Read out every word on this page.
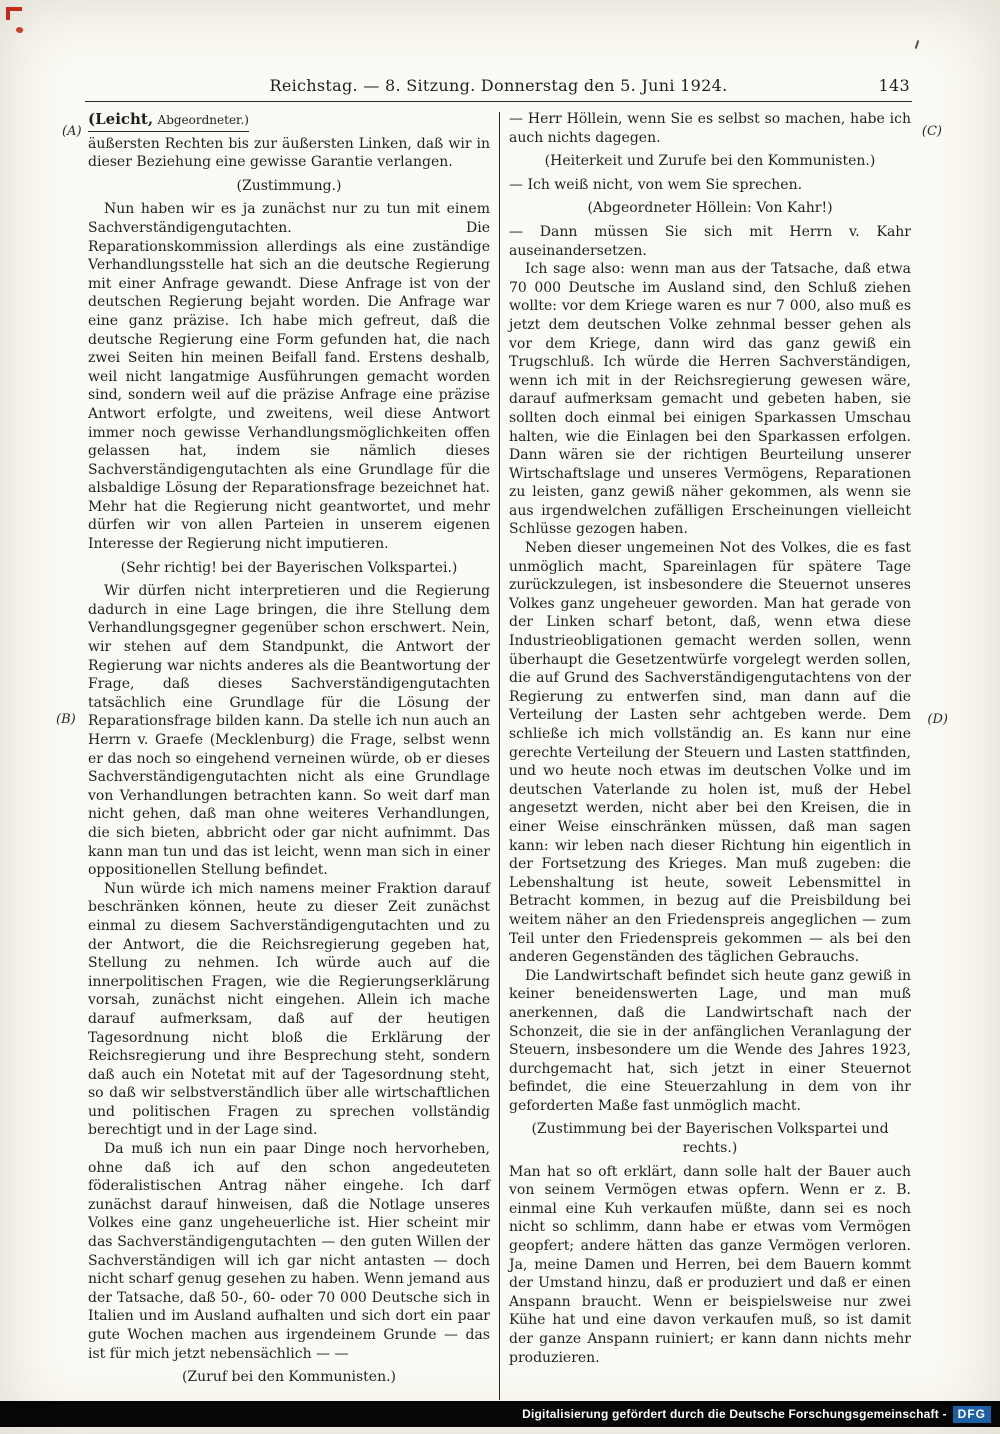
Reichstag. — 8. Sitzung. Donnerstag den 5. Juni 1924.	143
(A)
(B)
(C)
(D)
(Leicht, Abgeordneter.)
äußersten Rechten bis zur äußersten Linken, daß wir in dieser Beziehung eine gewisse Garantie verlangen.
(Zustimmung.)
Nun haben wir es ja zunächst nur zu tun mit einem Sachverständigengutachten. Die Reparationskommission allerdings als eine zuständige Verhandlungsstelle hat sich an die deutsche Regierung mit einer Anfrage gewandt. Diese Anfrage ist von der deutschen Regierung bejaht worden. Die Anfrage war eine ganz präzise. Ich habe mich gefreut, daß die deutsche Regierung eine Form gefunden hat, die nach zwei Seiten hin meinen Beifall fand. Erstens deshalb, weil nicht langatmige Ausführungen gemacht worden sind, sondern weil auf die präzise Anfrage eine präzise Antwort erfolgte, und zweitens, weil diese Antwort immer noch gewisse Verhandlungsmöglichkeiten offen gelassen hat, indem sie nämlich dieses Sachverständigengutachten als eine Grundlage für die alsbaldige Lösung der Reparationsfrage bezeichnet hat. Mehr hat die Regierung nicht geantwortet, und mehr dürfen wir von allen Parteien in unserem eigenen Interesse der Regierung nicht imputieren.
(Sehr richtig! bei der Bayerischen Volkspartei.)
Wir dürfen nicht interpretieren und die Regierung dadurch in eine Lage bringen, die ihre Stellung dem Verhandlungsgegner gegenüber schon erschwert. Nein, wir stehen auf dem Standpunkt, die Antwort der Regierung war nichts anderes als die Beantwortung der Frage, daß dieses Sachverständigengutachten tatsächlich eine Grundlage für die Lösung der Reparationsfrage bilden kann. Da stelle ich nun auch an Herrn v. Graefe (Mecklenburg) die Frage, selbst wenn er das noch so eingehend verneinen würde, ob er dieses Sachverständigengutachten nicht als eine Grundlage von Verhandlungen betrachten kann. So weit darf man nicht gehen, daß man ohne weiteres Verhandlungen, die sich bieten, abbricht oder gar nicht aufnimmt. Das kann man tun und das ist leicht, wenn man sich in einer oppositionellen Stellung befindet.
Nun würde ich mich namens meiner Fraktion darauf beschränken können, heute zu dieser Zeit zunächst einmal zu diesem Sachverständigengutachten und zu der Antwort, die die Reichsregierung gegeben hat, Stellung zu nehmen. Ich würde auch auf die innerpolitischen Fragen, wie die Regierungserklärung vorsah, zunächst nicht eingehen. Allein ich mache darauf aufmerksam, daß auf der heutigen Tagesordnung nicht bloß die Erklärung der Reichsregierung und ihre Besprechung steht, sondern daß auch ein Notetat mit auf der Tagesordnung steht, so daß wir selbstverständlich über alle wirtschaftlichen und politischen Fragen zu sprechen vollständig berechtigt und in der Lage sind.
Da muß ich nun ein paar Dinge noch hervorheben, ohne daß ich auf den schon angedeuteten föderalistischen Antrag näher eingehe. Ich darf zunächst darauf hinweisen, daß die Notlage unseres Volkes eine ganz ungeheuerliche ist. Hier scheint mir das Sachverständigengutachten — den guten Willen der Sachverständigen will ich gar nicht antasten — doch nicht scharf genug gesehen zu haben. Wenn jemand aus der Tatsache, daß 50-, 60- oder 70 000 Deutsche sich in Italien und im Ausland aufhalten und sich dort ein paar gute Wochen machen aus irgendeinem Grunde — das ist für mich jetzt nebensächlich — —
(Zuruf bei den Kommunisten.)
— Herr Höllein, wenn Sie es selbst so machen, habe ich auch nichts dagegen.
(Heiterkeit und Zurufe bei den Kommunisten.)
— Ich weiß nicht, von wem Sie sprechen.
(Abgeordneter Höllein: Von Kahr!)
— Dann müssen Sie sich mit Herrn v. Kahr auseinandersetzen.
Ich sage also: wenn man aus der Tatsache, daß etwa 70 000 Deutsche im Ausland sind, den Schluß ziehen wollte: vor dem Kriege waren es nur 7 000, also muß es jetzt dem deutschen Volke zehnmal besser gehen als vor dem Kriege, dann wird das ganz gewiß ein Trugschluß. Ich würde die Herren Sachverständigen, wenn ich mit in der Reichsregierung gewesen wäre, darauf aufmerksam gemacht und gebeten haben, sie sollten doch einmal bei einigen Sparkassen Umschau halten, wie die Einlagen bei den Sparkassen erfolgen. Dann wären sie der richtigen Beurteilung unserer Wirtschaftslage und unseres Vermögens, Reparationen zu leisten, ganz gewiß näher gekommen, als wenn sie aus irgendwelchen zufälligen Erscheinungen vielleicht Schlüsse gezogen haben.
Neben dieser ungemeinen Not des Volkes, die es fast unmöglich macht, Spareinlagen für spätere Tage zurückzulegen, ist insbesondere die Steuernot unseres Volkes ganz ungeheuer geworden. Man hat gerade von der Linken scharf betont, daß, wenn etwa diese Industrieobligationen gemacht werden sollen, wenn überhaupt die Gesetzentwürfe vorgelegt werden sollen, die auf Grund des Sachverständigengutachtens von der Regierung zu entwerfen sind, man dann auf die Verteilung der Lasten sehr achtgeben werde. Dem schließe ich mich vollständig an. Es kann nur eine gerechte Verteilung der Steuern und Lasten stattfinden, und wo heute noch etwas im deutschen Volke und im deutschen Vaterlande zu holen ist, muß der Hebel angesetzt werden, nicht aber bei den Kreisen, die in einer Weise einschränken müssen, daß man sagen kann: wir leben nach dieser Richtung hin eigentlich in der Fortsetzung des Krieges. Man muß zugeben: die Lebenshaltung ist heute, soweit Lebensmittel in Betracht kommen, in bezug auf die Preisbildung bei weitem näher an den Friedenspreis angeglichen — zum Teil unter den Friedenspreis gekommen — als bei den anderen Gegenständen des täglichen Gebrauchs.
Die Landwirtschaft befindet sich heute ganz gewiß in keiner beneidenswerten Lage, und man muß anerkennen, daß die Landwirtschaft nach der Schonzeit, die sie in der anfänglichen Veranlagung der Steuern, insbesondere um die Wende des Jahres 1923, durchgemacht hat, sich jetzt in einer Steuernot befindet, die eine Steuerzahlung in dem von ihr geforderten Maße fast unmöglich macht.
(Zustimmung bei der Bayerischen Volkspartei und rechts.)
Man hat so oft erklärt, dann solle halt der Bauer auch von seinem Vermögen etwas opfern. Wenn er z. B. einmal eine Kuh verkaufen müßte, dann sei es noch nicht so schlimm, dann habe er etwas vom Vermögen geopfert; andere hätten das ganze Vermögen verloren. Ja, meine Damen und Herren, bei dem Bauern kommt der Umstand hinzu, daß er produziert und daß er einen Anspann braucht. Wenn er beispielsweise nur zwei Kühe hat und eine davon verkaufen muß, so ist damit der ganze Anspann ruiniert; er kann dann nichts mehr produzieren.
Digitalisierung gefördert durch die Deutsche Forschungsgemeinschaft - DFG
